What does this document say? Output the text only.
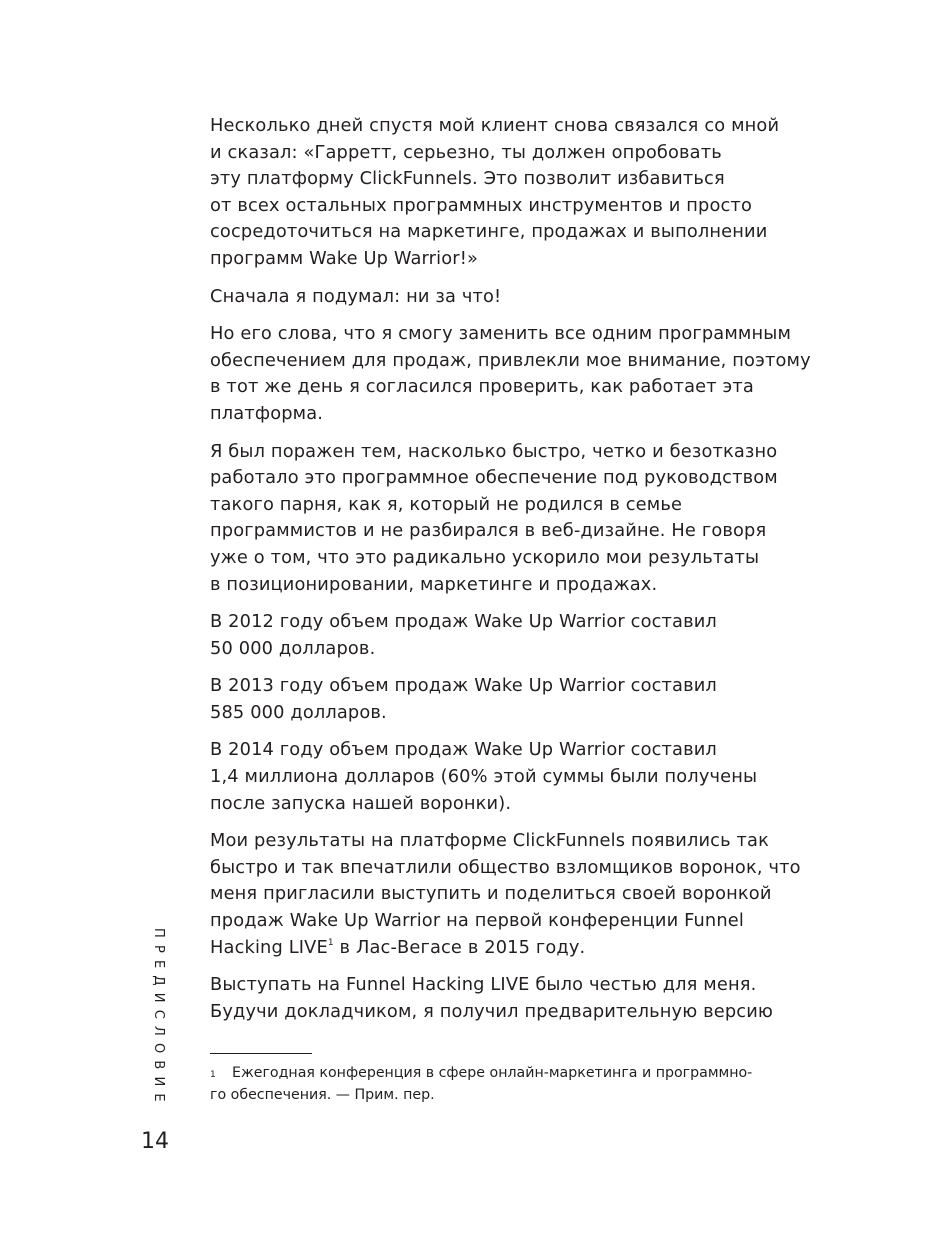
Несколько дней спустя мой клиент снова связался со мной
и сказал: «Гарретт, серьезно, ты должен опробовать
эту платформу ClickFunnels. Это позволит избавиться
от всех остальных программных инструментов и просто
сосредоточиться на маркетинге, продажах и выполнении
программ Wake Up Warrior!»

Сначала я подумал: ни за что!

Но его слова, что я смогу заменить все одним программным
обеспечением для продаж, привлекли мое внимание, поэтому
в тот же день я согласился проверить, как работает эта
платформа.

Я был поражен тем, насколько быстро, четко и безотказно
работало это программное обеспечение под руководством
такого парня, как я, который не родился в семье
программистов и не разбирался в веб-дизайне. Не говоря
уже о том, что это радикально ускорило мои результаты
в позиционировании, маркетинге и продажах.

В 2012 году объем продаж Wake Up Warrior составил
50 000 долларов.

В 2013 году объем продаж Wake Up Warrior составил
585 000 долларов.

В 2014 году объем продаж Wake Up Warrior составил
1,4 миллиона долларов (60% этой суммы были получены
после запуска нашей воронки).

Мои результаты на платформе ClickFunnels появились так
быстро и так впечатлили общество взломщиков воронок, что
меня пригласили выступить и поделиться своей воронкой
продаж Wake Up Warrior на первой конференции Funnel
Hacking LIVE$^1$ в Лас-Вегасе в 2015 году.

Выступать на Funnel Hacking LIVE было честью для меня.
Будучи докладчиком, я получил предварительную версию

1 Ежегодная конференция в сфере онлайн-маркетинга и программно-
го обеспечения. — Прим. пер.
ПРЕДИСЛОВИЕ
14
